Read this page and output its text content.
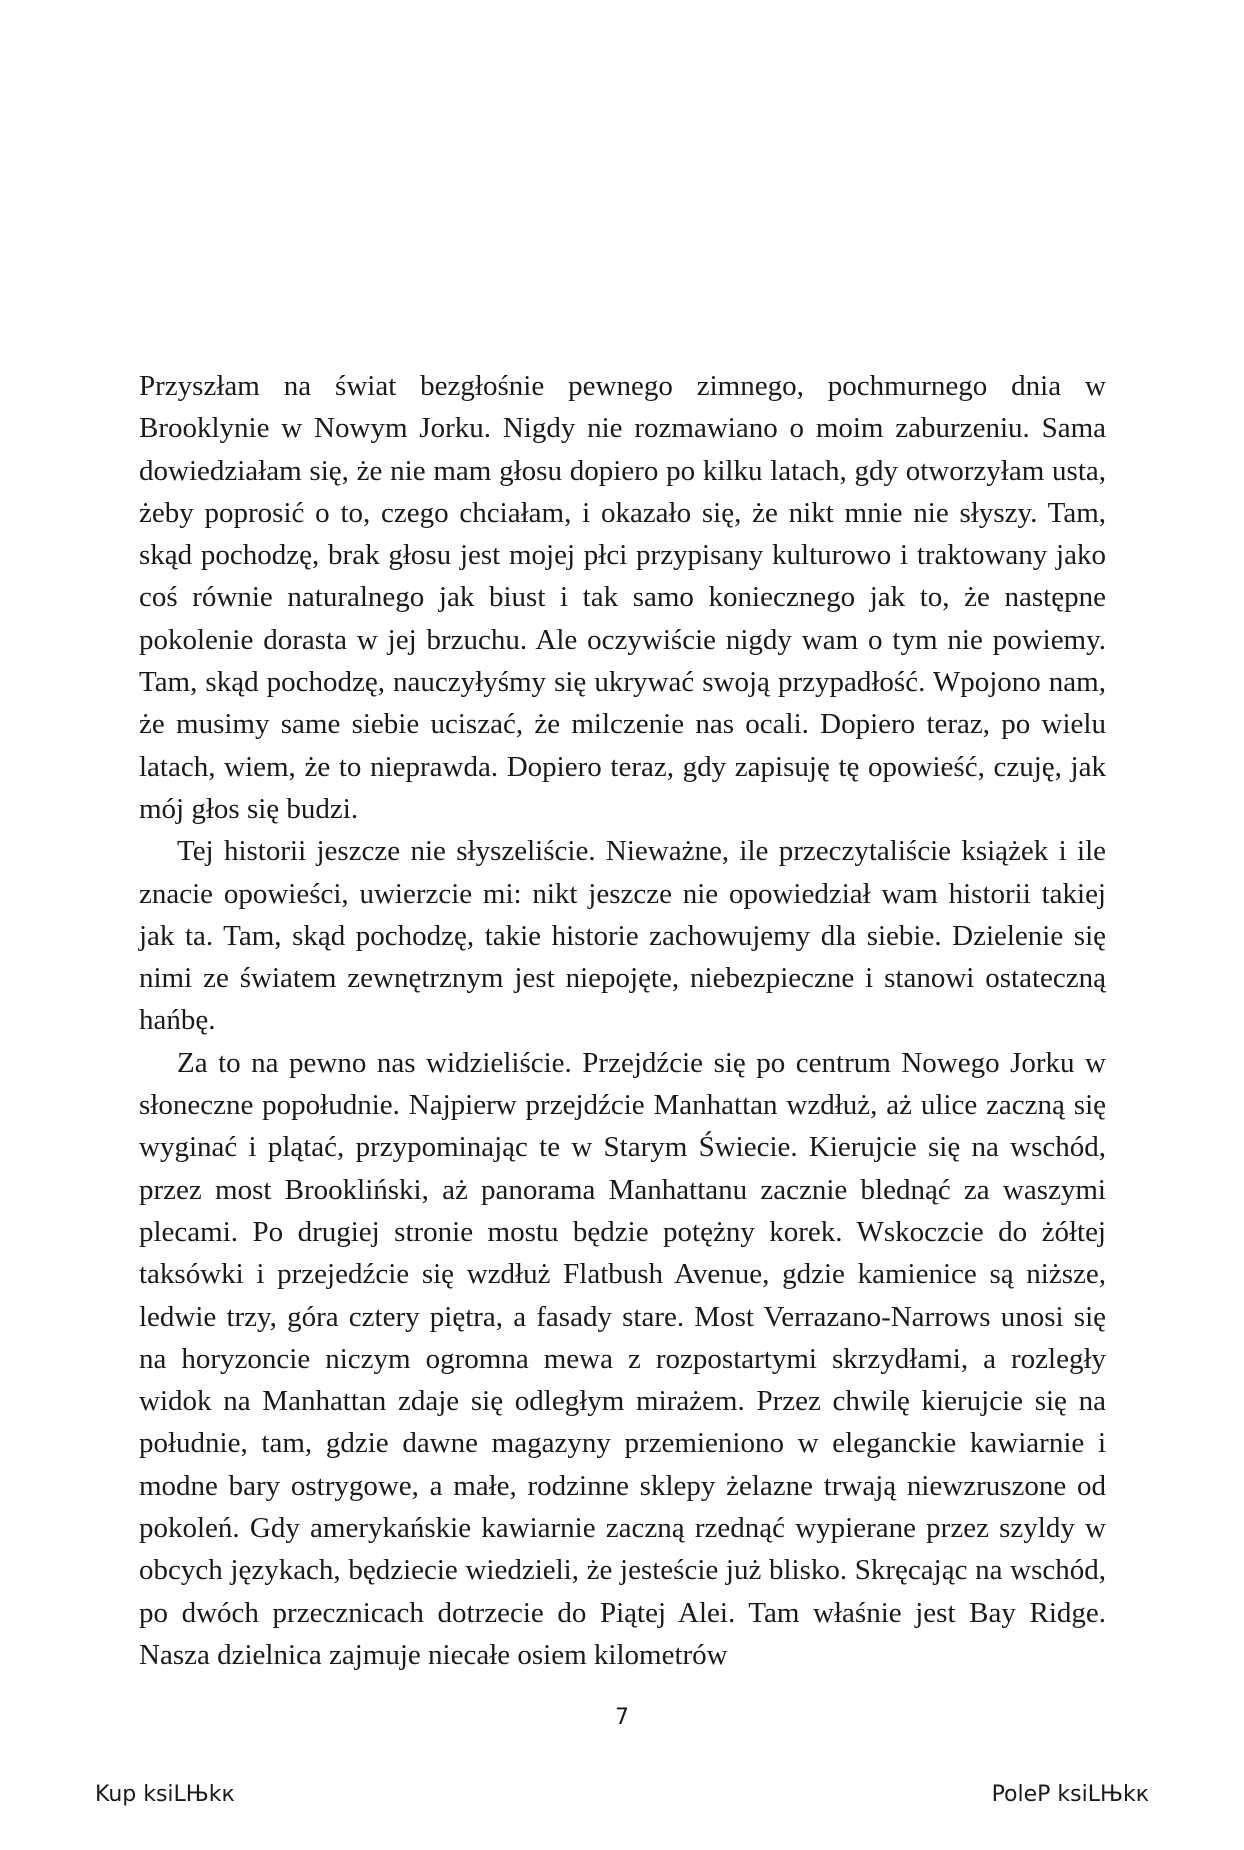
Przyszłam na świat bezgłośnie pewnego zimnego, pochmurnego dnia w Brooklynie w Nowym Jorku. Nigdy nie rozmawiano o moim zaburzeniu. Sama dowiedziałam się, że nie mam głosu dopiero po kilku latach, gdy otworzyłam usta, żeby poprosić o to, czego chciałam, i okazało się, że nikt mnie nie słyszy. Tam, skąd pochodzę, brak głosu jest mojej płci przypisany kulturowo i traktowany jako coś równie naturalnego jak biust i tak samo koniecznego jak to, że następne pokolenie dorasta w jej brzuchu. Ale oczywiście nigdy wam o tym nie powiemy. Tam, skąd pochodzę, nauczyłyśmy się ukrywać swoją przypadłość. Wpojono nam, że musimy same siebie uciszać, że milczenie nas ocali. Dopiero teraz, po wielu latach, wiem, że to nieprawda. Dopiero teraz, gdy zapisuję tę opowieść, czuję, jak mój głos się budzi.

Tej historii jeszcze nie słyszeliście. Nieważne, ile przeczytaliście książek i ile znacie opowieści, uwierzcie mi: nikt jeszcze nie opowiedział wam historii takiej jak ta. Tam, skąd pochodzę, takie historie zachowujemy dla siebie. Dzielenie się nimi ze światem zewnętrznym jest niepojęte, niebezpieczne i stanowi ostateczną hańbę.

Za to na pewno nas widzieliście. Przejdźcie się po centrum Nowego Jorku w słoneczne popołudnie. Najpierw przejdźcie Manhattan wzdłuż, aż ulice zaczną się wyginać i plątać, przypominając te w Starym Świecie. Kierujcie się na wschód, przez most Brookliński, aż panorama Manhattanu zacznie blednąć za waszymi plecami. Po drugiej stronie mostu będzie potężny korek. Wskoczcie do żółtej taksówki i przejedźcie się wzdłuż Flatbush Avenue, gdzie kamienice są niższe, ledwie trzy, góra cztery piętra, a fasady stare. Most Verrazano-Narrows unosi się na horyzoncie niczym ogromna mewa z rozpostartymi skrzydłami, a rozległy widok na Manhattan zdaje się odległym mirażem. Przez chwilę kierujcie się na południe, tam, gdzie dawne magazyny przemieniono w eleganckie kawiarnie i modne bary ostrygowe, a małe, rodzinne sklepy żelazne trwają niewzruszone od pokoleń. Gdy amerykańskie kawiarnie zaczną rzednąć wypierane przez szyldy w obcych językach, będziecie wiedzieli, że jesteście już blisko. Skręcając na wschód, po dwóch przecznicach dotrzecie do Piątej Alei. Tam właśnie jest Bay Ridge. Nasza dzielnica zajmuje niecałe osiem kilometrów

7
Kup ksiLЊkк	PoleP ksiLЊkк
